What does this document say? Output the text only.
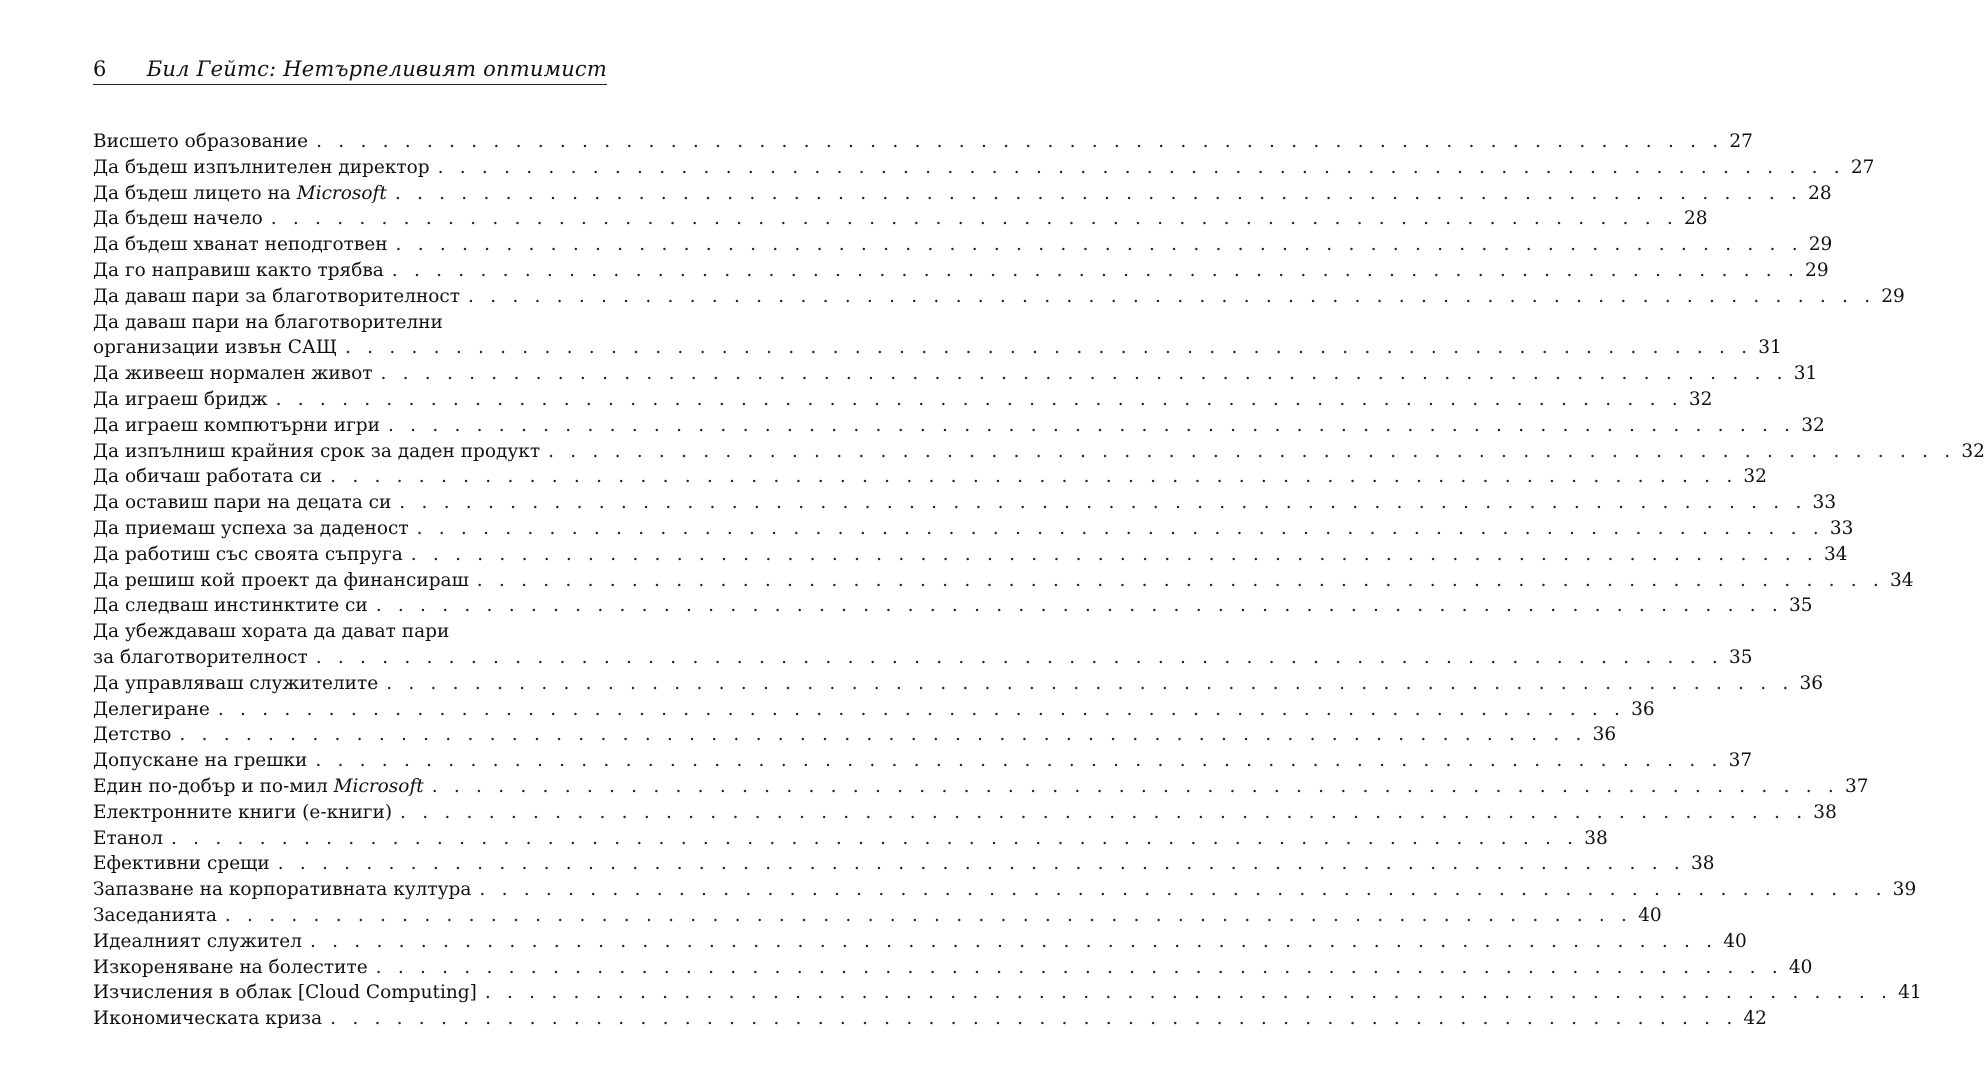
6 Бил Гейтс: Нетърпеливият оптимист
Висшето образование . . . . . . . . . . . . . . . . . . . . . . . . . . . . . . . . . . . . . . . . . . . . . . . . . . . . . . . . . . . . . . . . 27
Да бъдеш изпълнителен директор . . . . . . . . . . . . . . . . . . . . . . . . . . . . . . . . . . . . . . . . . . . . . . . . . . . . . . . . . . . . . . . . 27
Да бъдеш лицето на Microsoft . . . . . . . . . . . . . . . . . . . . . . . . . . . . . . . . . . . . . . . . . . . . . . . . . . . . . . . . . . . . . . . . 28
Да бъдеш начело . . . . . . . . . . . . . . . . . . . . . . . . . . . . . . . . . . . . . . . . . . . . . . . . . . . . . . . . . . . . . . . . 28
Да бъдеш хванат неподготвен . . . . . . . . . . . . . . . . . . . . . . . . . . . . . . . . . . . . . . . . . . . . . . . . . . . . . . . . . . . . . . . . 29
Да го направиш както трябва . . . . . . . . . . . . . . . . . . . . . . . . . . . . . . . . . . . . . . . . . . . . . . . . . . . . . . . . . . . . . . . . 29
Да даваш пари за благотворителност . . . . . . . . . . . . . . . . . . . . . . . . . . . . . . . . . . . . . . . . . . . . . . . . . . . . . . . . . . . . . . . . 29
Да даваш пари на благотворителни
организации извън САЩ . . . . . . . . . . . . . . . . . . . . . . . . . . . . . . . . . . . . . . . . . . . . . . . . . . . . . . . . . . . . . . . . 31
Да живееш нормален живот . . . . . . . . . . . . . . . . . . . . . . . . . . . . . . . . . . . . . . . . . . . . . . . . . . . . . . . . . . . . . . . . 31
Да играеш бридж . . . . . . . . . . . . . . . . . . . . . . . . . . . . . . . . . . . . . . . . . . . . . . . . . . . . . . . . . . . . . . . . 32
Да играеш компютърни игри . . . . . . . . . . . . . . . . . . . . . . . . . . . . . . . . . . . . . . . . . . . . . . . . . . . . . . . . . . . . . . . . 32
Да изпълниш крайния срок за даден продукт . . . . . . . . . . . . . . . . . . . . . . . . . . . . . . . . . . . . . . . . . . . . . . . . . . . . . . . . . . . . . . . . 32
Да обичаш работата си . . . . . . . . . . . . . . . . . . . . . . . . . . . . . . . . . . . . . . . . . . . . . . . . . . . . . . . . . . . . . . . . 32
Да оставиш пари на децата си . . . . . . . . . . . . . . . . . . . . . . . . . . . . . . . . . . . . . . . . . . . . . . . . . . . . . . . . . . . . . . . . 33
Да приемаш успеха за даденост . . . . . . . . . . . . . . . . . . . . . . . . . . . . . . . . . . . . . . . . . . . . . . . . . . . . . . . . . . . . . . . . 33
Да работиш със своята съпруга . . . . . . . . . . . . . . . . . . . . . . . . . . . . . . . . . . . . . . . . . . . . . . . . . . . . . . . . . . . . . . . . 34
Да решиш кой проект да финансираш . . . . . . . . . . . . . . . . . . . . . . . . . . . . . . . . . . . . . . . . . . . . . . . . . . . . . . . . . . . . . . . . 34
Да следваш инстинктите си . . . . . . . . . . . . . . . . . . . . . . . . . . . . . . . . . . . . . . . . . . . . . . . . . . . . . . . . . . . . . . . . 35
Да убеждаваш хората да дават пари
за благотворителност . . . . . . . . . . . . . . . . . . . . . . . . . . . . . . . . . . . . . . . . . . . . . . . . . . . . . . . . . . . . . . . . 35
Да управляваш служителите . . . . . . . . . . . . . . . . . . . . . . . . . . . . . . . . . . . . . . . . . . . . . . . . . . . . . . . . . . . . . . . . 36
Делегиране . . . . . . . . . . . . . . . . . . . . . . . . . . . . . . . . . . . . . . . . . . . . . . . . . . . . . . . . . . . . . . . . 36
Детство . . . . . . . . . . . . . . . . . . . . . . . . . . . . . . . . . . . . . . . . . . . . . . . . . . . . . . . . . . . . . . . . 36
Допускане на грешки . . . . . . . . . . . . . . . . . . . . . . . . . . . . . . . . . . . . . . . . . . . . . . . . . . . . . . . . . . . . . . . . 37
Един по-добър и по-мил Microsoft . . . . . . . . . . . . . . . . . . . . . . . . . . . . . . . . . . . . . . . . . . . . . . . . . . . . . . . . . . . . . . . . 37
Електронните книги (е-книги) . . . . . . . . . . . . . . . . . . . . . . . . . . . . . . . . . . . . . . . . . . . . . . . . . . . . . . . . . . . . . . . . 38
Етанол . . . . . . . . . . . . . . . . . . . . . . . . . . . . . . . . . . . . . . . . . . . . . . . . . . . . . . . . . . . . . . . . 38
Ефективни срещи . . . . . . . . . . . . . . . . . . . . . . . . . . . . . . . . . . . . . . . . . . . . . . . . . . . . . . . . . . . . . . . . 38
Запазване на корпоративната култура . . . . . . . . . . . . . . . . . . . . . . . . . . . . . . . . . . . . . . . . . . . . . . . . . . . . . . . . . . . . . . . . 39
Заседанията . . . . . . . . . . . . . . . . . . . . . . . . . . . . . . . . . . . . . . . . . . . . . . . . . . . . . . . . . . . . . . . . 40
Идеалният служител . . . . . . . . . . . . . . . . . . . . . . . . . . . . . . . . . . . . . . . . . . . . . . . . . . . . . . . . . . . . . . . . 40
Изкореняване на болестите . . . . . . . . . . . . . . . . . . . . . . . . . . . . . . . . . . . . . . . . . . . . . . . . . . . . . . . . . . . . . . . . 40
Изчисления в облак [Cloud Computing] . . . . . . . . . . . . . . . . . . . . . . . . . . . . . . . . . . . . . . . . . . . . . . . . . . . . . . . . . . . . . . . . 41
Икономическата криза . . . . . . . . . . . . . . . . . . . . . . . . . . . . . . . . . . . . . . . . . . . . . . . . . . . . . . . . . . . . . . . . 42
